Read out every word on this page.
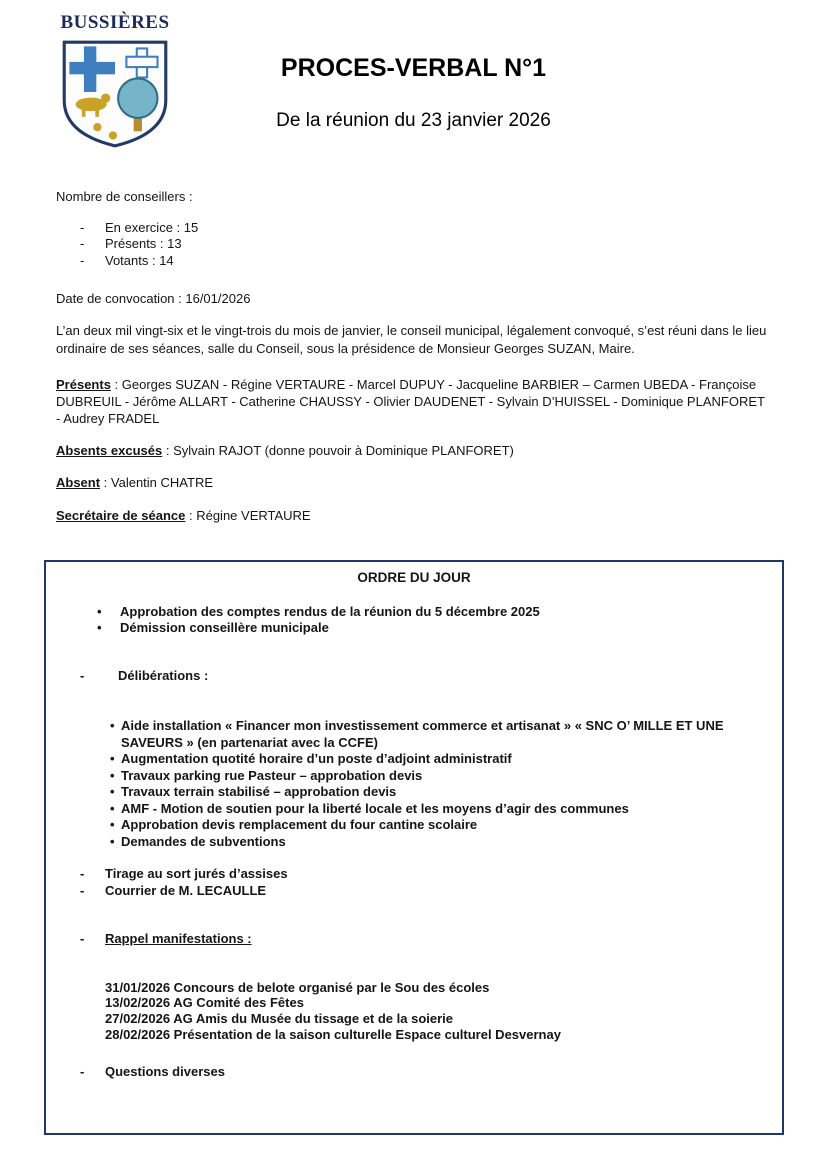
BUSSIÈRES
PROCES-VERBAL N°1
De la réunion du 23 janvier 2026
Nombre de conseillers :
-	En exercice : 15
-	Présents : 13
-	Votants : 14
Date de convocation : 16/01/2026
L’an deux mil vingt-six et le vingt-trois du mois de janvier, le conseil municipal, légalement convoqué, s’est réuni dans le lieu ordinaire de ses séances, salle du Conseil, sous la présidence de Monsieur Georges SUZAN, Maire.
Présents : Georges SUZAN - Régine VERTAURE - Marcel DUPUY - Jacqueline BARBIER – Carmen UBEDA - Françoise DUBREUIL - Jérôme ALLART - Catherine CHAUSSY - Olivier DAUDENET - Sylvain D’HUISSEL - Dominique PLANFORET - Audrey FRADEL
Absents excusés : Sylvain RAJOT (donne pouvoir à Dominique PLANFORET)
Absent : Valentin CHATRE
Secrétaire de séance : Régine VERTAURE
ORDRE DU JOUR
•	Approbation des comptes rendus de la réunion du 5 décembre 2025
•	Démission conseillère municipale
-	Délibérations :
• Aide installation « Financer mon investissement commerce et artisanat » « SNC O’ MILLE ET UNE SAVEURS » (en partenariat avec la CCFE)
• Augmentation quotité horaire d’un poste d’adjoint administratif
• Travaux parking rue Pasteur – approbation devis
• Travaux terrain stabilisé – approbation devis
• AMF - Motion de soutien pour la liberté locale et les moyens d’agir des communes
• Approbation devis remplacement du four cantine scolaire
• Demandes de subventions
-	Tirage au sort jurés d’assises
-	Courrier de M. LECAULLE
-	Rappel manifestations :
31/01/2026 Concours de belote organisé par le Sou des écoles
13/02/2026 AG Comité des Fêtes
27/02/2026 AG Amis du Musée du tissage et de la soierie
28/02/2026 Présentation de la saison culturelle Espace culturel Desvernay
-	Questions diverses
